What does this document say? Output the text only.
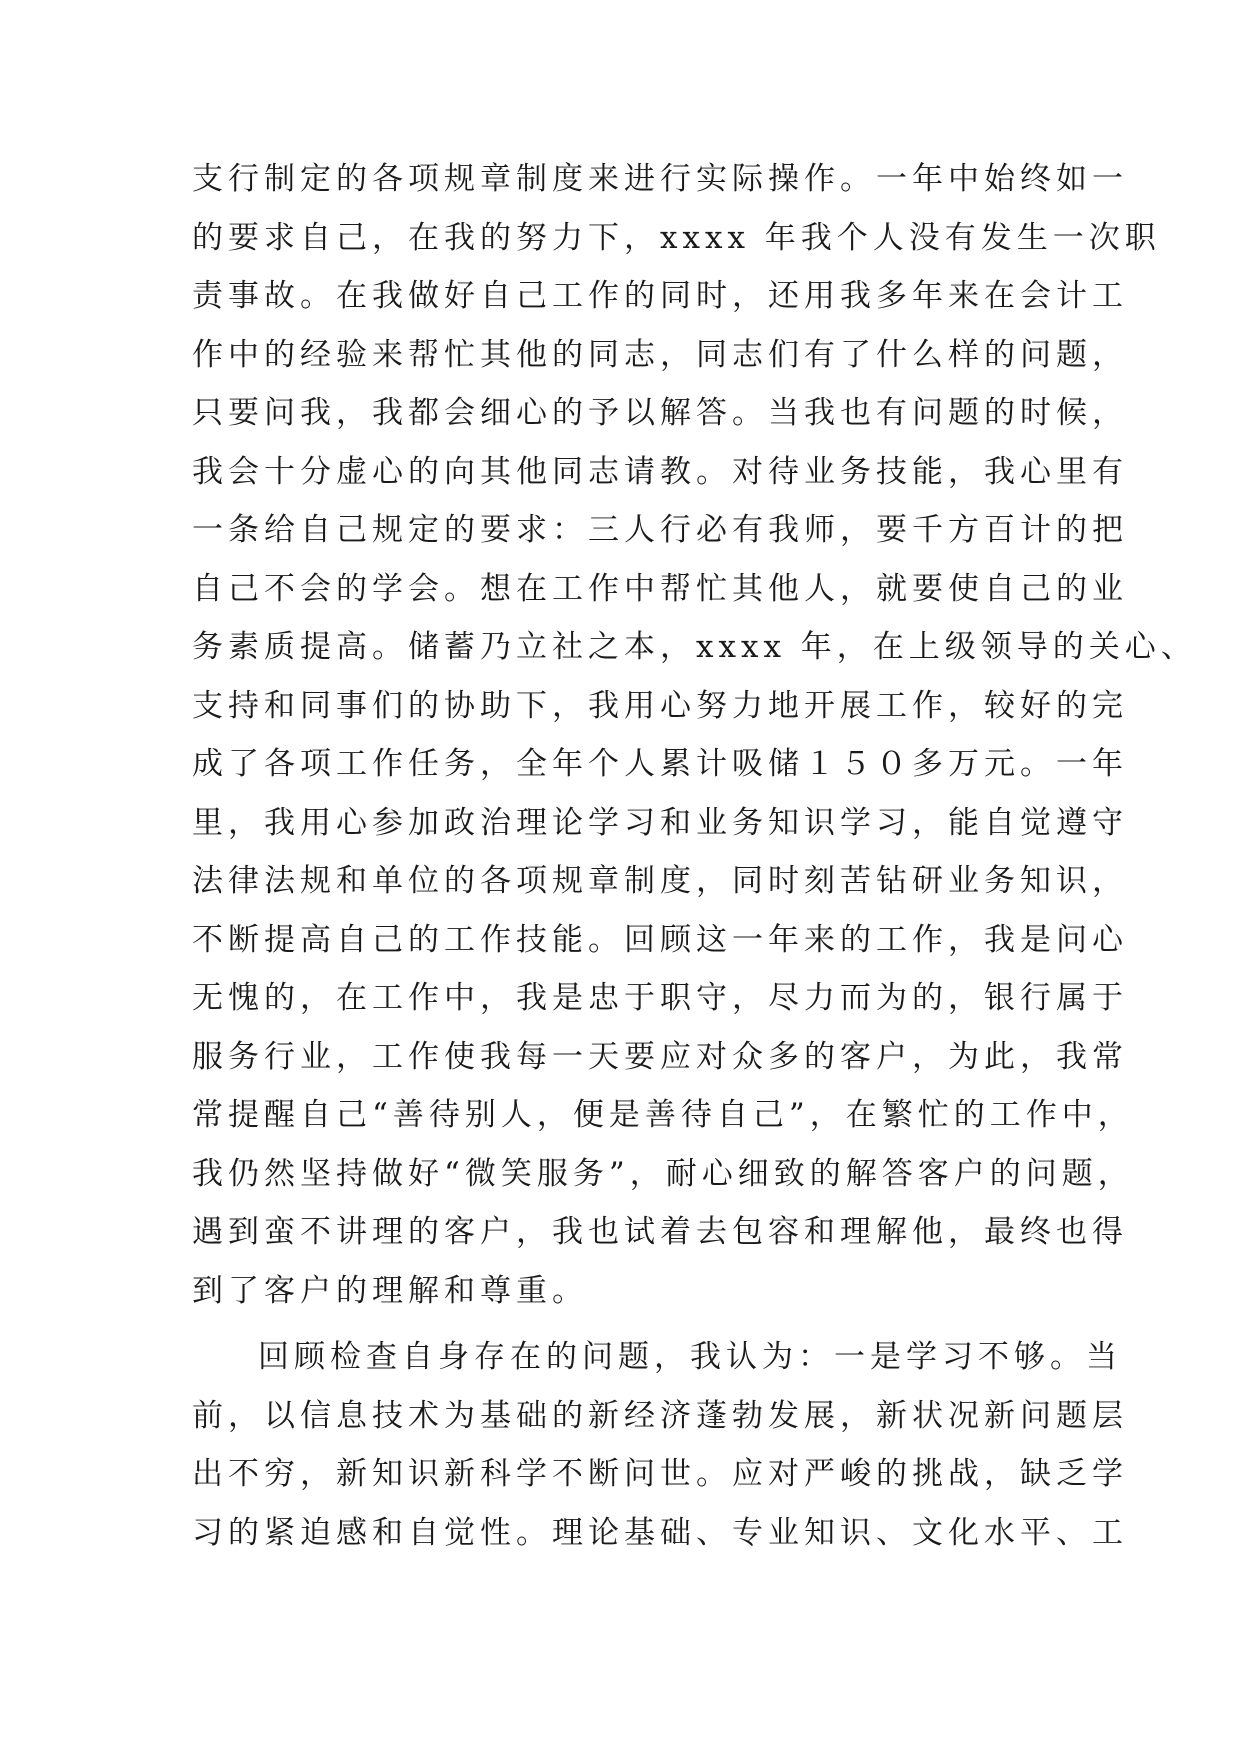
支行制定的各项规章制度来进行实际操作。一年中始终如一
的要求自己，在我的努力下，xxxx 年我个人没有发生一次职
责事故。在我做好自己工作的同时，还用我多年来在会计工
作中的经验来帮忙其他的同志，同志们有了什么样的问题，
只要问我，我都会细心的予以解答。当我也有问题的时候，
我会十分虚心的向其他同志请教。对待业务技能，我心里有
一条给自己规定的要求：三人行必有我师，要千方百计的把
自己不会的学会。想在工作中帮忙其他人，就要使自己的业
务素质提高。储蓄乃立社之本，xxxx 年，在上级领导的关心、
支持和同事们的协助下，我用心努力地开展工作，较好的完
成了各项工作任务，全年个人累计吸储１５０多万元。一年
里，我用心参加政治理论学习和业务知识学习，能自觉遵守
法律法规和单位的各项规章制度，同时刻苦钻研业务知识，
不断提高自己的工作技能。回顾这一年来的工作，我是问心
无愧的，在工作中，我是忠于职守，尽力而为的，银行属于
服务行业，工作使我每一天要应对众多的客户，为此，我常
常提醒自己“善待别人，便是善待自己”，在繁忙的工作中，
我仍然坚持做好“微笑服务”，耐心细致的解答客户的问题，
遇到蛮不讲理的客户，我也试着去包容和理解他，最终也得
到了客户的理解和尊重。
回顾检查自身存在的问题，我认为：一是学习不够。当
前，以信息技术为基础的新经济蓬勃发展，新状况新问题层
出不穷，新知识新科学不断问世。应对严峻的挑战，缺乏学
习的紧迫感和自觉性。理论基础、专业知识、文化水平、工
